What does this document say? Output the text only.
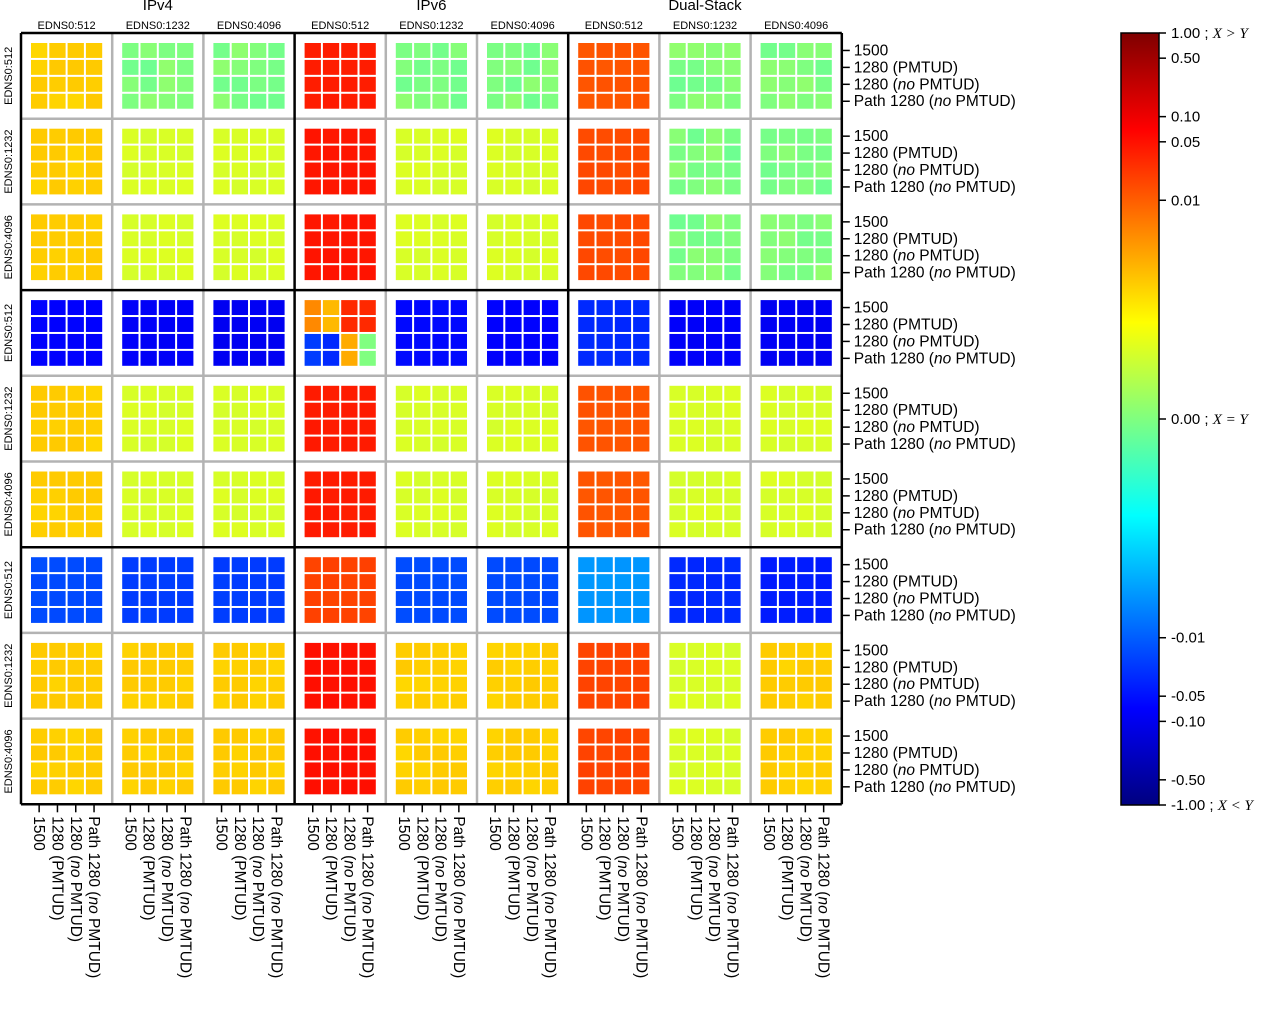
IPv4	IPv6	Dual-Stack
EDNS0:512	EDNS0:1232 EDNS0:4096	EDNS0:512	EDNS0:1232 EDNS0:4096	EDNS0:512	EDNS0:1232 EDNS0:4096
EDNS0:512
EDNS0:1232
EDNS0:4096
EDNS0:512
EDNS0:1232
EDNS0:4096
EDNS0:512
EDNS0:1232
EDNS0:4096
1500
1280 (PMTUD)
1280 (no PMTUD)
Path 1280 (no PMTUD)
1500
1280 (PMTUD)
1280 (no PMTUD)
Path 1280 (no PMTUD)
1500
1280 (PMTUD)
1280 (no PMTUD)
Path 1280 (no PMTUD)
1500
1280 (PMTUD)
1280 (no PMTUD)
Path 1280 (no PMTUD)
1500
1280 (PMTUD)
1280 (no PMTUD)
Path 1280 (no PMTUD)
1500
1280 (PMTUD)
1280 (no PMTUD)
Path 1280 (no PMTUD)
1500
1280 (PMTUD)
1280 (no PMTUD)
Path 1280 (no PMTUD)
1500
1280 (PMTUD)
1280 (no PMTUD)
Path 1280 (no PMTUD)
1500
1280 (PMTUD)
1280 (no PMTUD)
Path 1280 (no PMTUD)
1500 1280 (PMTUD) 1280 (no PMTUD)
Path 1280 (no PMTUD)
1500 1280 (PMTUD) 1280 (no PMTUD)
Path 1280 (no PMTUD)
1500 1280 (PMTUD) 1280 (no PMTUD)
Path 1280 (no PMTUD)
1500 1280 (PMTUD) 1280 (no PMTUD)
Path 1280 (no PMTUD)
1500 1280 (PMTUD) 1280 (no PMTUD)
Path 1280 (no PMTUD)
1500 1280 (PMTUD) 1280 (no PMTUD)
Path 1280 (no PMTUD)
1500 1280 (PMTUD) 1280 (no PMTUD)
Path 1280 (no PMTUD)
1500 1280 (PMTUD) 1280 (no PMTUD)
Path 1280 (no PMTUD)
1500 1280 (PMTUD) 1280 (no PMTUD)
Path 1280 (no PMTUD)
1.00 ; X > Y
0.50
0.10
0.05
0.01
0.00 ; X = Y
-0.01
-0.05
-0.10
-0.50
-1.00 ; X < Y
